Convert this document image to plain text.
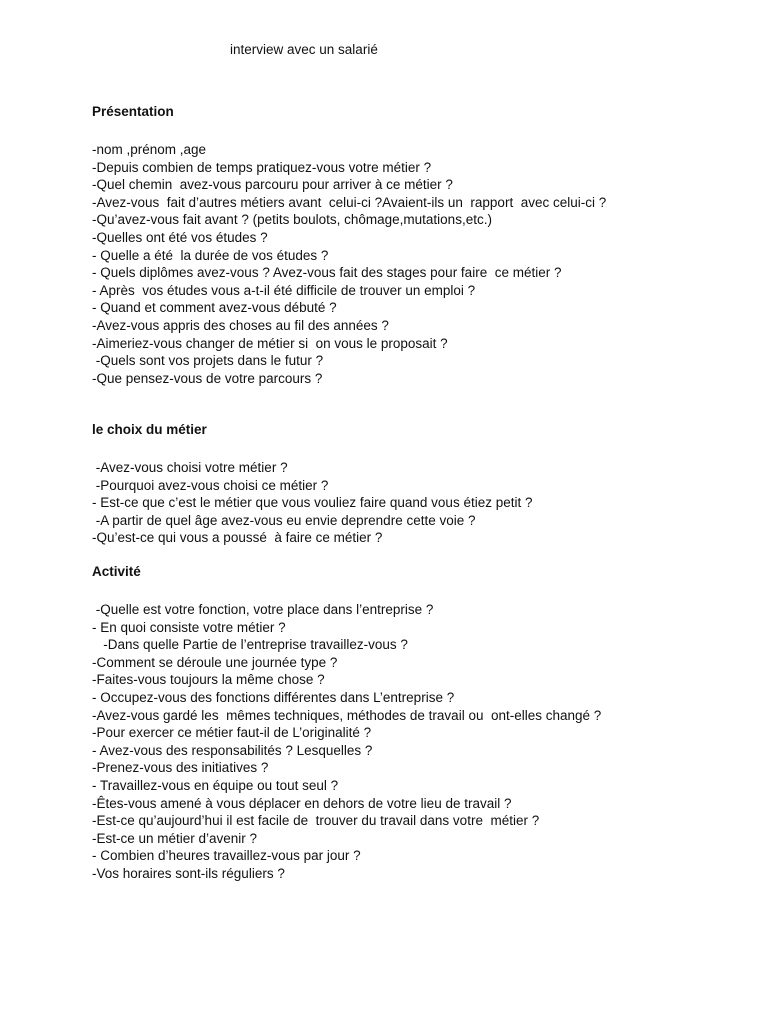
interview avec un salarié

Présentation

-nom ,prénom ,age
-Depuis combien de temps pratiquez-vous votre métier ?
-Quel chemin  avez-vous parcouru pour arriver à ce métier ?
-Avez-vous  fait d’autres métiers avant  celui-ci ?Avaient-ils un  rapport  avec celui-ci ?
-Qu’avez-vous fait avant ? (petits boulots, chômage,mutations,etc.)
-Quelles ont été vos études ?
- Quelle a été  la durée de vos études ?
- Quels diplômes avez-vous ? Avez-vous fait des stages pour faire  ce métier ?
- Après  vos études vous a-t-il été difficile de trouver un emploi ?
- Quand et comment avez-vous débuté ?
-Avez-vous appris des choses au fil des années ?
-Aimeriez-vous changer de métier si  on vous le proposait ?
-Quels sont vos projets dans le futur ?
-Que pensez-vous de votre parcours ?

le choix du métier

-Avez-vous choisi votre métier ?
-Pourquoi avez-vous choisi ce métier ?
- Est-ce que c’est le métier que vous vouliez faire quand vous étiez petit ?
-A partir de quel âge avez-vous eu envie deprendre cette voie ?
-Qu’est-ce qui vous a poussé  à faire ce métier ?

Activité

-Quelle est votre fonction, votre place dans l’entreprise ?
- En quoi consiste votre métier ?
-Dans quelle Partie de l’entreprise travaillez-vous ?
-Comment se déroule une journée type ?
-Faites-vous toujours la même chose ?
- Occupez-vous des fonctions différentes dans L’entreprise ?
-Avez-vous gardé les  mêmes techniques, méthodes de travail ou  ont-elles changé ?
-Pour exercer ce métier faut-il de L’originalité ?
- Avez-vous des responsabilités ? Lesquelles ?
-Prenez-vous des initiatives ?
- Travaillez-vous en équipe ou tout seul ?
-Êtes-vous amené à vous déplacer en dehors de votre lieu de travail ?
-Est-ce qu’aujourd’hui il est facile de  trouver du travail dans votre  métier ?
-Est-ce un métier d’avenir ?
- Combien d’heures travaillez-vous par jour ?
-Vos horaires sont-ils réguliers ?
